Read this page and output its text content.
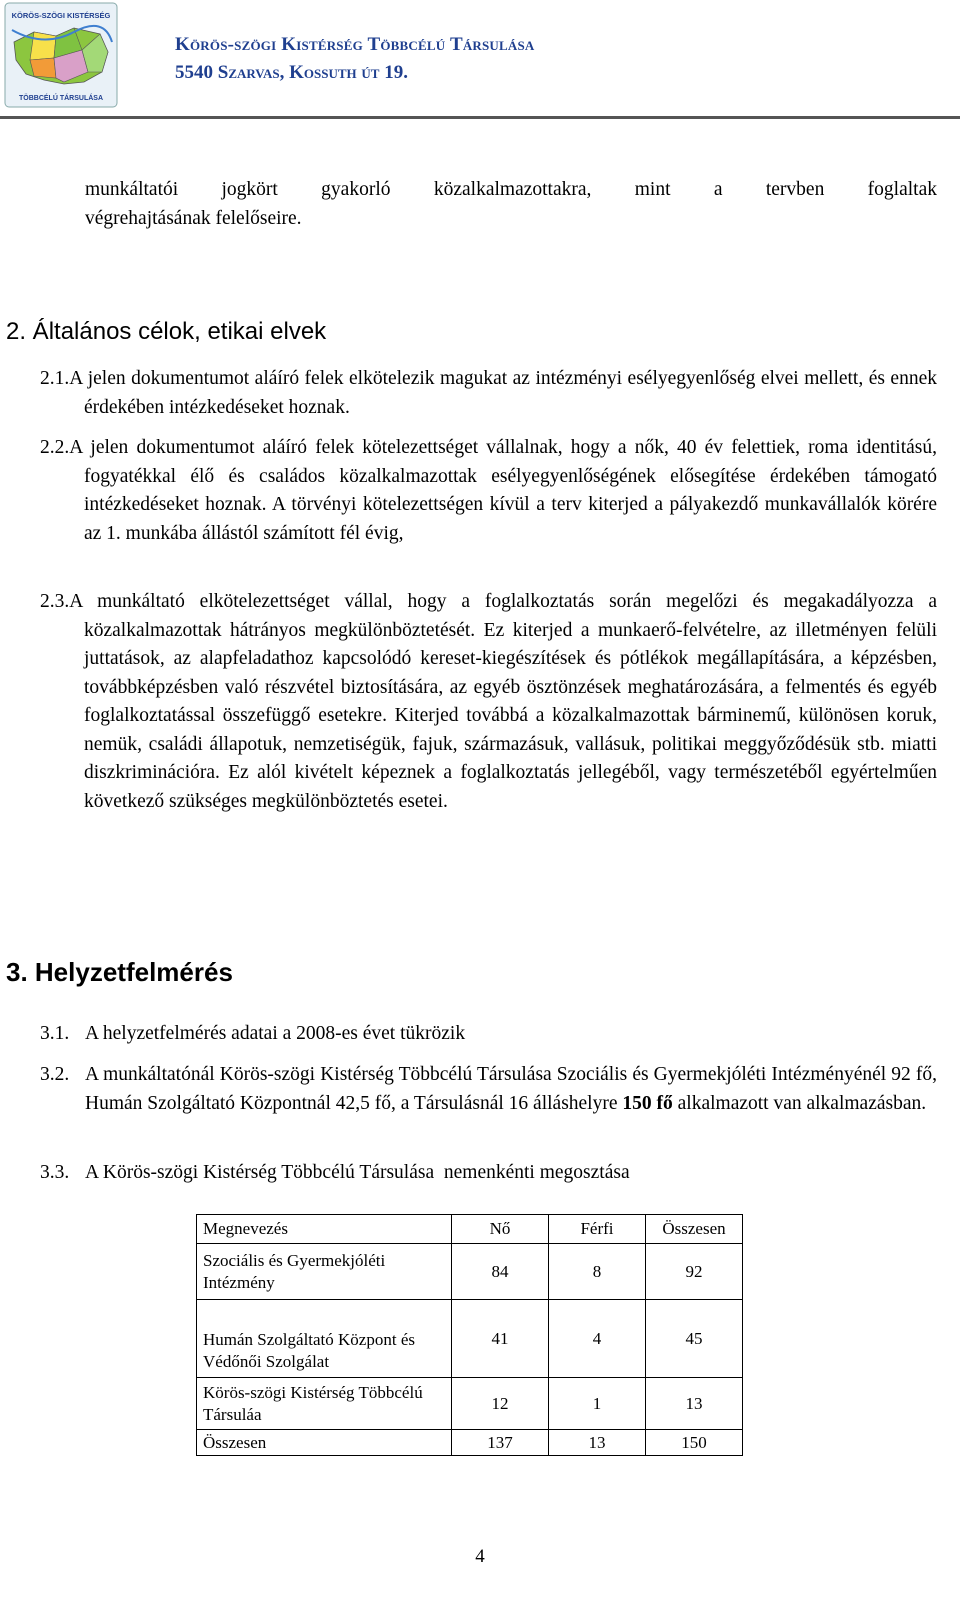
KÖRÖS-SZÖGI KISTÉRSÉG
TÖBBCÉLÚ TÁRSULÁSA
Körös-szögi Kistérség Többcélú Társulása
5540 Szarvas, Kossuth út 19.
munkáltatói jogkört gyakorló közalkalmazottakra, mint a tervben foglaltak
végrehajtásának felelőseire.
2. Általános célok, etikai elvek
2.1.A jelen dokumentumot aláíró felek elkötelezik magukat az intézményi esélyegyenlőség elvei mellett, és ennek érdekében intézkedéseket hoznak.
2.2.A jelen dokumentumot aláíró felek kötelezettséget vállalnak, hogy a nők, 40 év felettiek, roma identitású, fogyatékkal élő és családos közalkalmazottak esélyegyenlőségének elősegítése érdekében támogató intézkedéseket hoznak. A törvényi kötelezettségen kívül a terv kiterjed a pályakezdő munkavállalók körére az 1. munkába állástól számított fél évig,
2.3.A munkáltató elkötelezettséget vállal, hogy a foglalkoztatás során megelőzi és megakadályozza a közalkalmazottak hátrányos megkülönböztetését. Ez kiterjed a munkaerő-felvételre, az illetményen felüli juttatások, az alapfeladathoz kapcsolódó kereset-kiegészítések és pótlékok megállapítására, a képzésben, továbbképzésben való részvétel biztosítására, az egyéb ösztönzések meghatározására, a felmentés és egyéb foglalkoztatással összefüggő esetekre. Kiterjed továbbá a közalkalmazottak bárminemű, különösen koruk, nemük, családi állapotuk, nemzetiségük, fajuk, származásuk, vallásuk, politikai meggyőződésük stb. miatti diszkriminációra. Ez alól kivételt képeznek a foglalkoztatás jellegéből, vagy természetéből egyértelműen következő szükséges megkülönböztetés esetei.
3. Helyzetfelmérés
3.1. A helyzetfelmérés adatai a 2008-es évet tükrözik
3.2. A munkáltatónál Körös-szögi Kistérség Többcélú Társulása Szociális és Gyermekjóléti Intézményénél 92 fő, Humán Szolgáltató Központnál 42,5 fő, a Társulásnál 16 álláshelyre 150 fő alkalmazott van alkalmazásban.
3.3. A Körös-szögi Kistérség Többcélú Társulása  nemenkénti megosztása
Megnevezés	Nő	Férfi	Összesen
Szociális és Gyermekjóléti Intézmény	84	8	92
Humán Szolgáltató Központ és Védőnői Szolgálat	41	4	45
Körös-szögi Kistérség Többcélú Társuláa	12	1	13
Összesen	137	13	150
4
